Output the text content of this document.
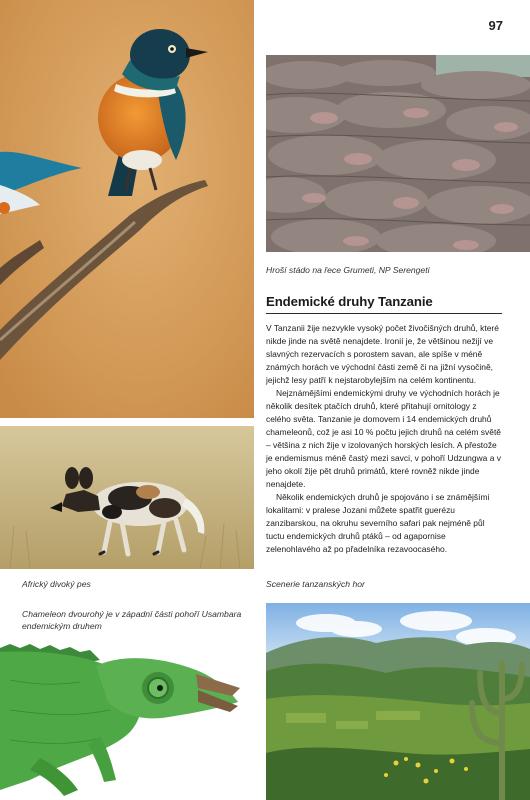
97
Hroší stádo na řece Grumeti, NP Serengeti
Endemické druhy Tanzanie

V Tanzanii žije nezvykle vysoký počet živočišných druhů, které nikde jinde na světě nenajdete. Ironií je, že většinou nežijí ve slavných rezervacích s porostem savan, ale spíše v méně známých horách ve východní části země či na jižní vysočině, jejichž lesy patří k nejstarobylejším na celém kontinentu.

Nejznámějšími endemickými druhy ve východních horách je několik desítek ptačích druhů, které přitahují ornitology z celého světa. Tanzanie je domovem i 14 endemických druhů chameleonů, což je asi 10 % počtu jejich druhů na celém světě – většina z nich žije v izolovaných horských lesích. A přestože je endemismus méně častý mezi savci, v pohoří Udzungwa a v jeho okolí žije pět druhů primátů, které rovněž nikde jinde nenajdete.

Několik endemických druhů je spojováno i se známějšími lokalitami: v pralese Jozani můžete spatřit guerézu zanzibarskou, na okruhu severního safari pak nejméně půl tuctu endemických druhů ptáků – od agapornise zelenohlavého až po přadelníka rezavoocasého.

Africký divoký pes	Scenerie tanzanských hor
Chameleon dvourohý je v západní části pohoří Usambara endemickým druhem
